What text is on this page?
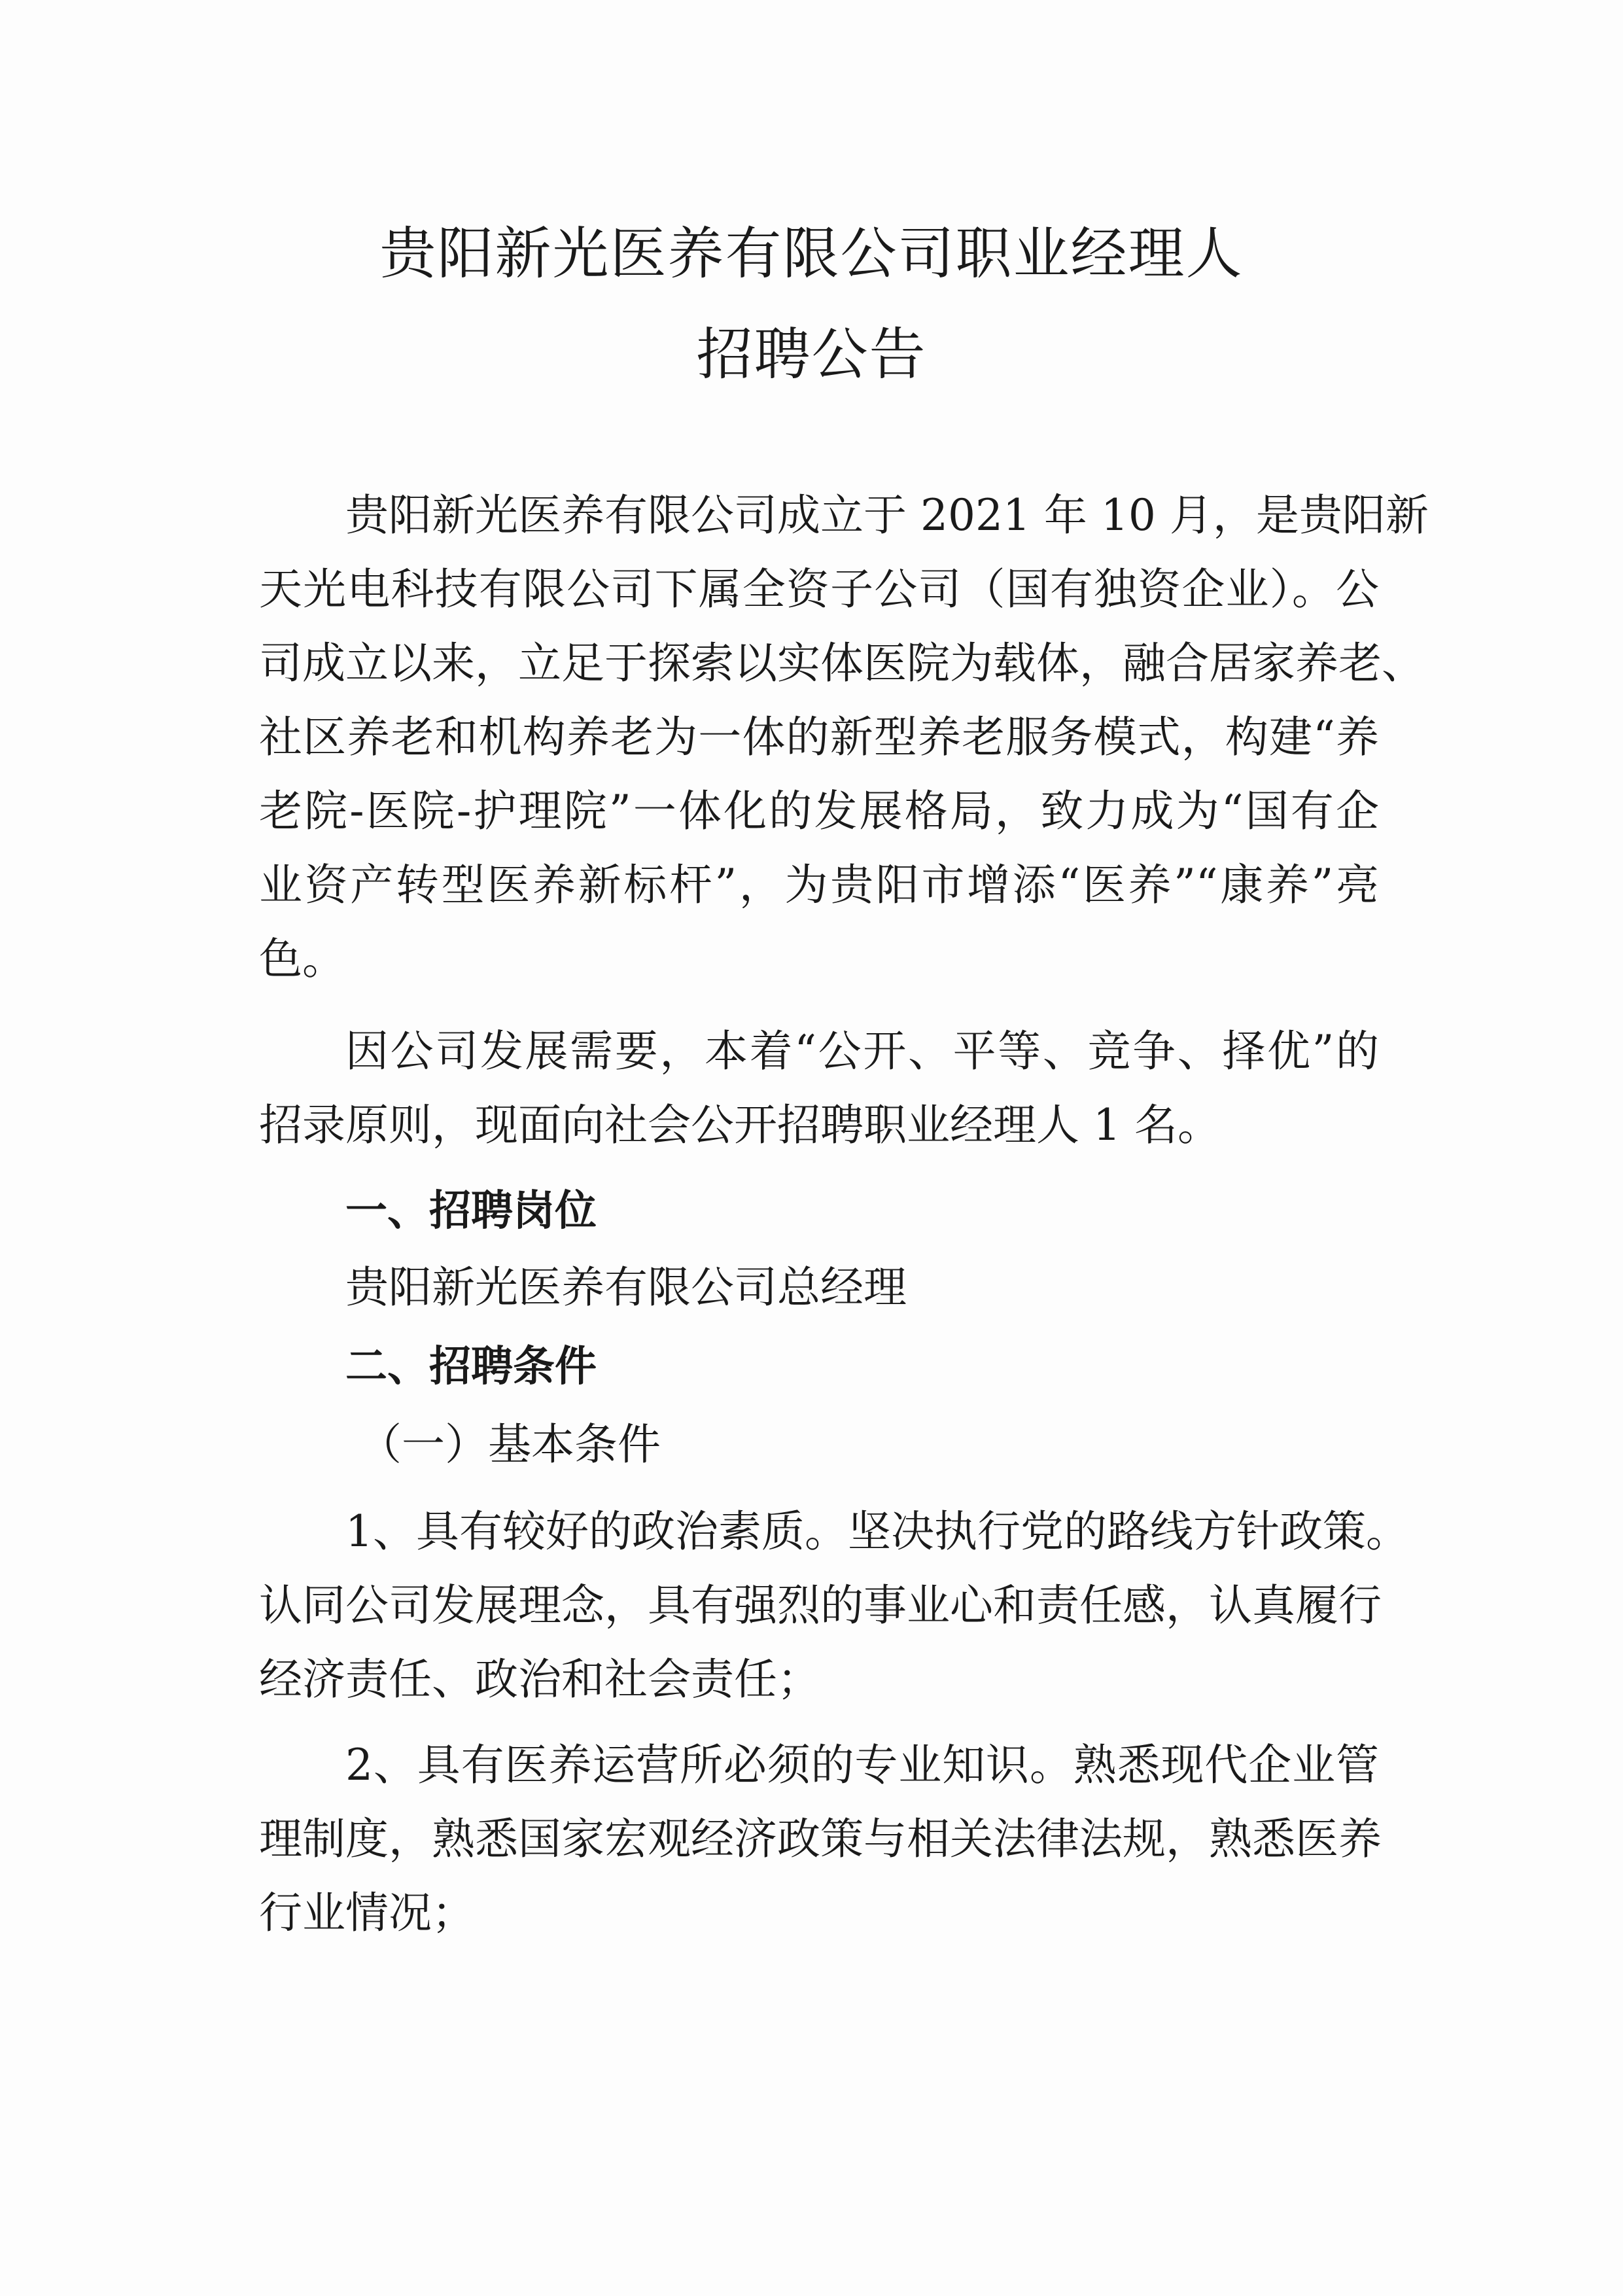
贵阳新光医养有限公司职业经理人
招聘公告
贵阳新光医养有限公司成立于 2021 年 10 月，是贵阳新
天光电科技有限公司下属全资子公司（国有独资企业）。公
司成立以来，立足于探索以实体医院为载体，融合居家养老、
社区养老和机构养老为一体的新型养老服务模式，构建“养
老院-医院-护理院”一体化的发展格局，致力成为“国有企
业资产转型医养新标杆”，为贵阳市增添“医养”“康养”亮
色。
因公司发展需要，本着“公开、平等、竞争、择优”的
招录原则，现面向社会公开招聘职业经理人 1 名。
一、招聘岗位
贵阳新光医养有限公司总经理
二、招聘条件
（一）基本条件
1、具有较好的政治素质。坚决执行党的路线方针政策。
认同公司发展理念，具有强烈的事业心和责任感，认真履行
经济责任、政治和社会责任；
2、具有医养运营所必须的专业知识。熟悉现代企业管
理制度，熟悉国家宏观经济政策与相关法律法规，熟悉医养
行业情况；
